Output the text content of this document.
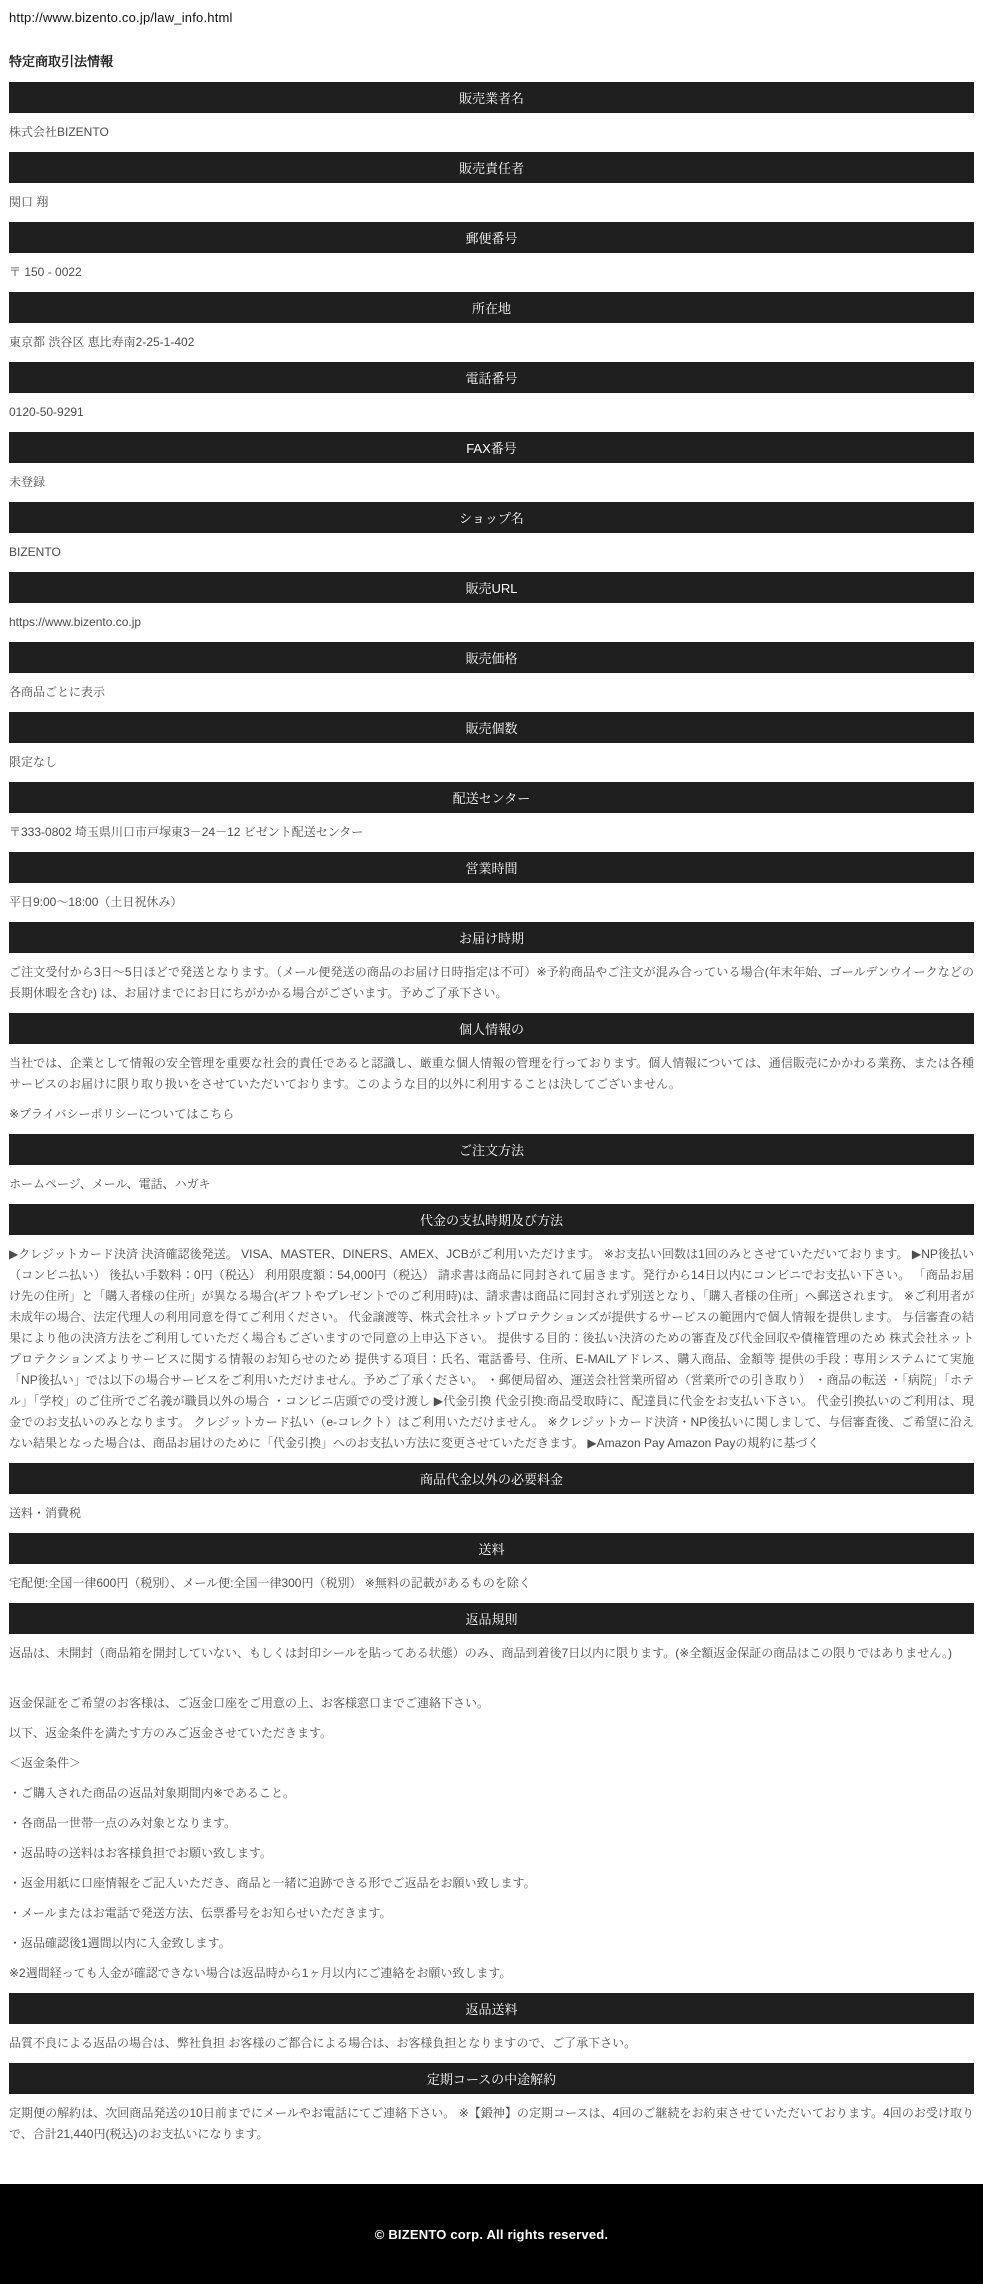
http://www.bizento.co.jp/law_info.html
特定商取引法情報
販売業者名

株式会社BIZENTO

販売責任者

関口 翔

郵便番号

〒 150 - 0022

所在地

東京都 渋谷区 恵比寿南2-25-1-402

電話番号

0120-50-9291

FAX番号

未登録

ショップ名

BIZENTO

販売URL

https://www.bizento.co.jp

販売価格

各商品ごとに表示

販売個数

限定なし

配送センター

〒333-0802 埼玉県川口市戸塚東3－24－12 ビゼント配送センター

営業時間

平日9:00～18:00（土日祝休み）

お届け時期

ご注文受付から3日～5日ほどで発送となります。（メール便発送の商品のお届け日時指定は不可）※予約商品やご注文が混み合っている場合(年末年始、ゴールデンウイークなどの長期休暇を含む) は、お届けまでにお日にちがかかる場合がございます。予めご了承下さい。

個人情報の

当社では、企業として情報の安全管理を重要な社会的責任であると認識し、厳重な個人情報の管理を行っております。個人情報については、通信販売にかかわる業務、または各種サービスのお届けに限り取り扱いをさせていただいております。このような目的以外に利用することは決してございません。

※プライバシーポリシーについてはこちら

ご注文方法

ホームページ、メール、電話、ハガキ

代金の支払時期及び方法

▶クレジットカード決済 決済確認後発送。 VISA、MASTER、DINERS、AMEX、JCBがご利用いただけます。 ※お支払い回数は1回のみとさせていただいております。 ▶NP後払い（コンビニ払い） 後払い手数料：0円（税込） 利用限度額：54,000円（税込） 請求書は商品に同封されて届きます。発行から14日以内にコンビニでお支払い下さい。 「商品お届け先の住所」と「購入者様の住所」が異なる場合(ギフトやプレゼントでのご利用時)は、請求書は商品に同封されず別送となり、「購入者様の住所」へ郵送されます。 ※ご利用者が未成年の場合、法定代理人の利用同意を得てご利用ください。 代金譲渡等、株式会社ネットプロテクションズが提供するサービスの範囲内で個人情報を提供します。 与信審査の結果により他の決済方法をご利用していただく場合もございますので同意の上申込下さい。 提供する目的：後払い決済のための審査及び代金回収や債権管理のため 株式会社ネットプロテクションズよりサービスに関する情報のお知らせのため 提供する項目：氏名、電話番号、住所、E-MAILアドレス、購入商品、金額等 提供の手段：専用システムにて実施 「NP後払い」では以下の場合サービスをご利用いただけません。予めご了承ください。 ・郵便局留め、運送会社営業所留め（営業所での引き取り） ・商品の転送 ・「病院」「ホテル」「学校」のご住所でご名義が職員以外の場合 ・コンビニ店頭での受け渡し ▶代金引換 代金引換:商品受取時に、配達員に代金をお支払い下さい。 代金引換払いのご利用は、現金でのお支払いのみとなります。 クレジットカード払い（e-コレクト）はご利用いただけません。 ※クレジットカード決済・NP後払いに関しまして、与信審査後、ご希望に沿えない結果となった場合は、商品お届けのために「代金引換」へのお支払い方法に変更させていただきます。 ▶Amazon Pay Amazon Payの規約に基づく

商品代金以外の必要料金

送料・消費税

送料

宅配便:全国一律600円（税別）、メール便:全国一律300円（税別） ※無料の記載があるものを除く

返品規則

返品は、未開封（商品箱を開封していない、もしくは封印シールを貼ってある状態）のみ、商品到着後7日以内に限ります。(※全額返金保証の商品はこの限りではありません。)

返金保証をご希望のお客様は、ご返金口座をご用意の上、お客様窓口までご連絡下さい。

以下、返金条件を満たす方のみご返金させていただきます。

＜返金条件＞

・ご購入された商品の返品対象期間内※であること。

・各商品一世帯一点のみ対象となります。

・返品時の送料はお客様負担でお願い致します。

・返金用紙に口座情報をご記入いただき、商品と一緒に追跡できる形でご返品をお願い致します。

・メールまたはお電話で発送方法、伝票番号をお知らせいただきます。

・返品確認後1週間以内に入金致します。

※2週間経っても入金が確認できない場合は返品時から1ヶ月以内にご連絡をお願い致します。

返品送料

品質不良による返品の場合は、弊社負担 お客様のご都合による場合は、お客様負担となりますので、ご了承下さい。

定期コースの中途解約

定期便の解約は、次回商品発送の10日前までにメールやお電話にてご連絡下さい。 ※【鍛神】の定期コースは、4回のご継続をお約束させていただいております。4回のお受け取りで、合計21,440円(税込)のお支払いになります。

© BIZENTO corp. All rights reserved.
